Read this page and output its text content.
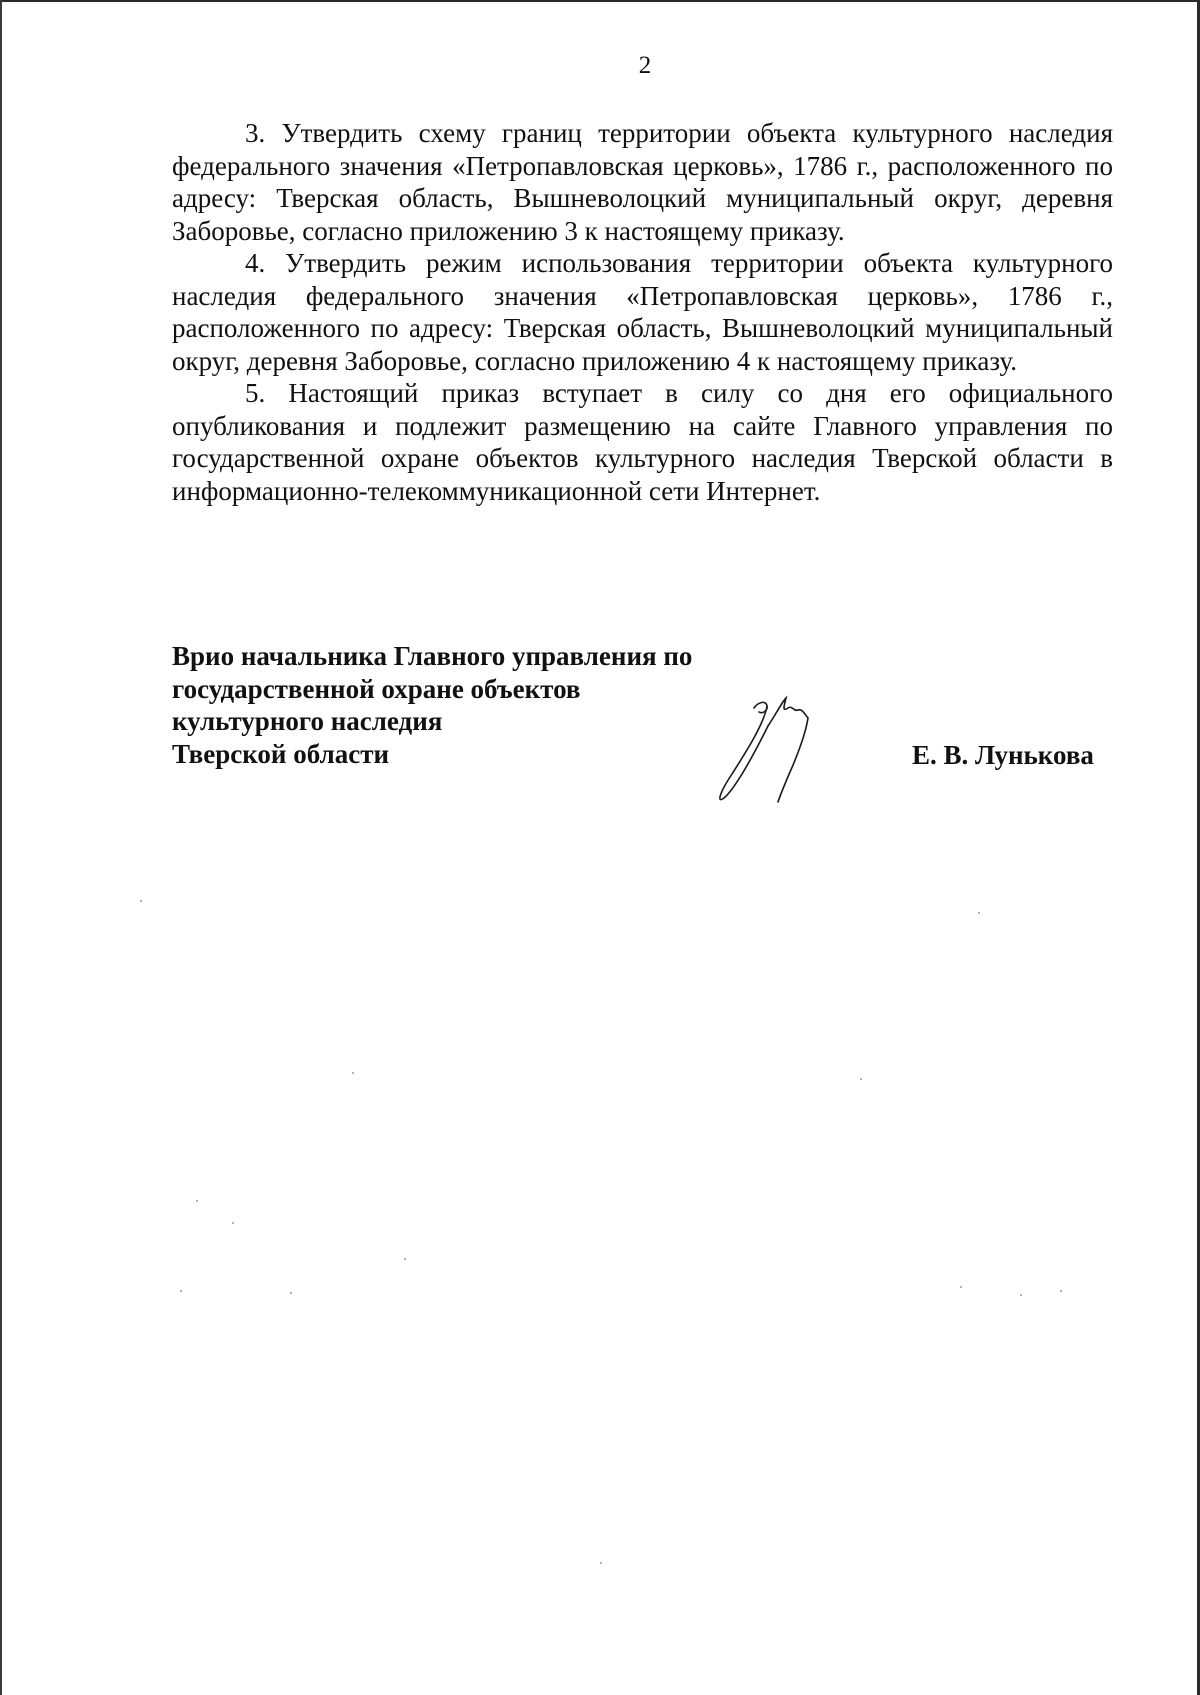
2

3. Утвердить схему границ территории объекта культурного наследия федерального значения «Петропавловская церковь», 1786 г., расположенного по адресу: Тверская область, Вышневолоцкий муниципальный округ, деревня Заборовье, согласно приложению 3 к настоящему приказу.

4. Утвердить режим использования территории объекта культурного наследия федерального значения «Петропавловская церковь», 1786 г., расположенного по адресу: Тверская область, Вышневолоцкий муниципальный округ, деревня Заборовье, согласно приложению 4 к настоящему приказу.

5. Настоящий приказ вступает в силу со дня его официального опубликования и подлежит размещению на сайте Главного управления по государственной охране объектов культурного наследия Тверской области в информационно-телекоммуникационной сети Интернет.

Врио начальника Главного управления по
государственной охране объектов
культурного наследия
Тверской области	Е. В. Лунькова
